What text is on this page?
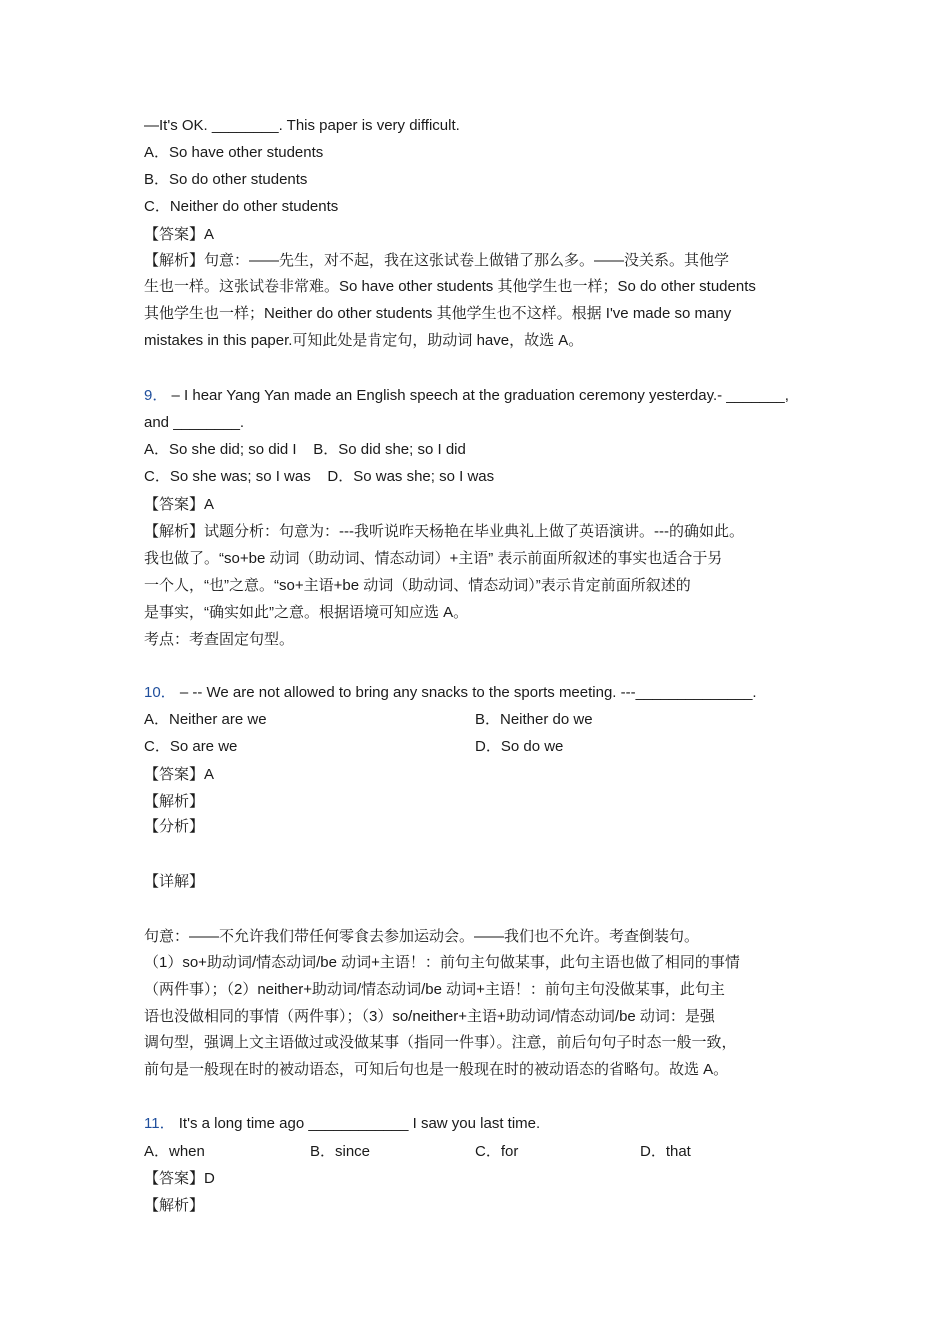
—It's OK. ________. This paper is very difficult.
A．So have other students
B．So do other students
C．Neither do other students
【答案】A
【解析】句意：——先生，对不起，我在这张试卷上做错了那么多。——没关系。其他学
生也一样。这张试卷非常难。So have other students 其他学生也一样；So do other students
其他学生也一样；Neither do other students 其他学生也不这样。根据 I've made so many
mistakes in this paper.可知此处是肯定句，助动词 have，故选 A。
9． – I hear Yang Yan made an English speech at the graduation ceremony yesterday.- _______,
and ________.
A．So she did; so did I    B．So did she; so I did
C．So she was; so I was    D．So was she; so I was
【答案】A
【解析】试题分析：句意为：---我听说昨天杨艳在毕业典礼上做了英语演讲。---的确如此。
我也做了。“so+be 动词（助动词、情态动词）+主语” 表示前面所叙述的事实也适合于另
一个人，“也”之意。“so+主语+be 动词（助动词、情态动词）”表示肯定前面所叙述的
是事实，“确实如此”之意。根据语境可知应选 A。
考点：考查固定句型。
10． – -- We are not allowed to bring any snacks to the sports meeting. ---______________.
A．Neither are we	B．Neither do we
C．So are we	D．So do we
【答案】A
【解析】
【分析】
【详解】
句意：——不允许我们带任何零食去参加运动会。——我们也不允许。考查倒装句。
（1）so+助动词/情态动词/be 动词+主语！：前句主句做某事，此句主语也做了相同的事情
（两件事）；（2）neither+助动词/情态动词/be 动词+主语！：前句主句没做某事，此句主
语也没做相同的事情（两件事）；（3）so/neither+主语+助动词/情态动词/be 动词：是强
调句型，强调上文主语做过或没做某事（指同一件事）。注意，前后句句子时态一般一致，
前句是一般现在时的被动语态，可知后句也是一般现在时的被动语态的省略句。故选 A。
11． It's a long time ago ____________ I saw you last time.
A．when	B．since	C．for	D．that
【答案】D
【解析】
